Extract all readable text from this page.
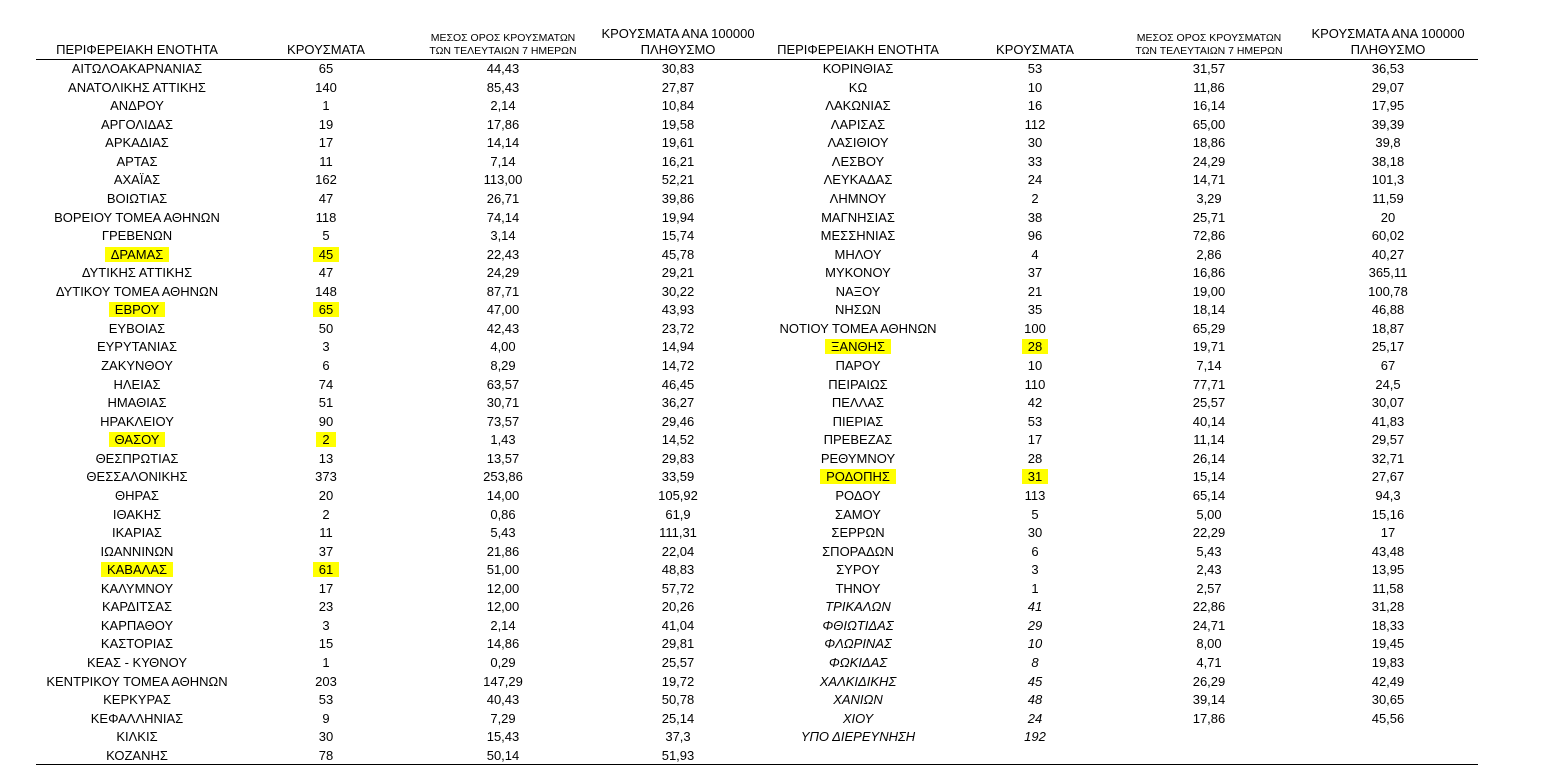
ΠΕΡΙΦΕΡΕΙΑΚΗ ΕΝΟΤΗΤΑ	ΚΡΟΥΣΜΑΤΑ
ΜΕΣΟΣ ΟΡΟΣ ΚΡΟΥΣΜΑΤΩΝ
ΤΩΝ ΤΕΛΕΥΤΑΙΩΝ 7 ΗΜΕΡΩΝ
ΚΡΟΥΣΜΑΤΑ ΑΝΑ 100000
ΠΛΗΘΥΣΜΟ
ΑΙΤΩΛΟΑΚΑΡΝΑΝΙΑΣ	65	44,43	30,83
ΑΝΑΤΟΛΙΚΗΣ ΑΤΤΙΚΗΣ	140	85,43	27,87
ΑΝΔΡΟΥ	1	2,14	10,84
ΑΡΓΟΛΙΔΑΣ	19	17,86	19,58
ΑΡΚΑΔΙΑΣ	17	14,14	19,61
ΑΡΤΑΣ	11	7,14	16,21
ΑΧΑΪΑΣ	162	113,00	52,21
ΒΟΙΩΤΙΑΣ	47	26,71	39,86
ΒΟΡΕΙΟΥ ΤΟΜΕΑ ΑΘΗΝΩΝ	118	74,14	19,94
ΓΡΕΒΕΝΩΝ	5	3,14	15,74
ΔΡΑΜΑΣ	45	22,43	45,78
ΔΥΤΙΚΗΣ ΑΤΤΙΚΗΣ	47	24,29	29,21
ΔΥΤΙΚΟΥ ΤΟΜΕΑ ΑΘΗΝΩΝ	148	87,71	30,22
ΕΒΡΟΥ	65	47,00	43,93
ΕΥΒΟΙΑΣ	50	42,43	23,72
ΕΥΡΥΤΑΝΙΑΣ	3	4,00	14,94
ΖΑΚΥΝΘΟΥ	6	8,29	14,72
ΗΛΕΙΑΣ	74	63,57	46,45
ΗΜΑΘΙΑΣ	51	30,71	36,27
ΗΡΑΚΛΕΙΟΥ	90	73,57	29,46
ΘΑΣΟΥ	2	1,43	14,52
ΘΕΣΠΡΩΤΙΑΣ	13	13,57	29,83
ΘΕΣΣΑΛΟΝΙΚΗΣ	373	253,86	33,59
ΘΗΡΑΣ	20	14,00	105,92
ΙΘΑΚΗΣ	2	0,86	61,9
ΙΚΑΡΙΑΣ	11	5,43	111,31
ΙΩΑΝΝΙΝΩΝ	37	21,86	22,04
ΚΑΒΑΛΑΣ	61	51,00	48,83
ΚΑΛΥΜΝΟΥ	17	12,00	57,72
ΚΑΡΔΙΤΣΑΣ	23	12,00	20,26
ΚΑΡΠΑΘΟΥ	3	2,14	41,04
ΚΑΣΤΟΡΙΑΣ	15	14,86	29,81
ΚΕΑΣ - ΚΥΘΝΟΥ	1	0,29	25,57
ΚΕΝΤΡΙΚΟΥ ΤΟΜΕΑ ΑΘΗΝΩΝ	203	147,29	19,72
ΚΕΡΚΥΡΑΣ	53	40,43	50,78
ΚΕΦΑΛΛΗΝΙΑΣ	9	7,29	25,14
ΚΙΛΚΙΣ	30	15,43	37,3
ΚΟΖΑΝΗΣ	78	50,14	51,93
ΠΕΡΙΦΕΡΕΙΑΚΗ ΕΝΟΤΗΤΑ	ΚΡΟΥΣΜΑΤΑ
ΜΕΣΟΣ ΟΡΟΣ ΚΡΟΥΣΜΑΤΩΝ
ΤΩΝ ΤΕΛΕΥΤΑΙΩΝ 7 ΗΜΕΡΩΝ
ΚΡΟΥΣΜΑΤΑ ΑΝΑ 100000
ΠΛΗΘΥΣΜΟ
ΚΟΡΙΝΘΙΑΣ	53	31,57	36,53
ΚΩ	10	11,86	29,07
ΛΑΚΩΝΙΑΣ	16	16,14	17,95
ΛΑΡΙΣΑΣ	112	65,00	39,39
ΛΑΣΙΘΙΟΥ	30	18,86	39,8
ΛΕΣΒΟΥ	33	24,29	38,18
ΛΕΥΚΑΔΑΣ	24	14,71	101,3
ΛΗΜΝΟΥ	2	3,29	11,59
ΜΑΓΝΗΣΙΑΣ	38	25,71	20
ΜΕΣΣΗΝΙΑΣ	96	72,86	60,02
ΜΗΛΟΥ	4	2,86	40,27
ΜΥΚΟΝΟΥ	37	16,86	365,11
ΝΑΞΟΥ	21	19,00	100,78
ΝΗΣΩΝ	35	18,14	46,88
ΝΟΤΙΟΥ ΤΟΜΕΑ ΑΘΗΝΩΝ	100	65,29	18,87
ΞΑΝΘΗΣ	28	19,71	25,17
ΠΑΡΟΥ	10	7,14	67
ΠΕΙΡΑΙΩΣ	110	77,71	24,5
ΠΕΛΛΑΣ	42	25,57	30,07
ΠΙΕΡΙΑΣ	53	40,14	41,83
ΠΡΕΒΕΖΑΣ	17	11,14	29,57
ΡΕΘΥΜΝΟΥ	28	26,14	32,71
ΡΟΔΟΠΗΣ	31	15,14	27,67
ΡΟΔΟΥ	113	65,14	94,3
ΣΑΜΟΥ	5	5,00	15,16
ΣΕΡΡΩΝ	30	22,29	17
ΣΠΟΡΑΔΩΝ	6	5,43	43,48
ΣΥΡΟΥ	3	2,43	13,95
ΤΗΝΟΥ	1	2,57	11,58
ΤΡΙΚΑΛΩΝ	41	22,86	31,28
ΦΘΙΩΤΙΔΑΣ	29	24,71	18,33
ΦΛΩΡΙΝΑΣ	10	8,00	19,45
ΦΩΚΙΔΑΣ	8	4,71	19,83
ΧΑΛΚΙΔΙΚΗΣ	45	26,29	42,49
ΧΑΝΙΩΝ	48	39,14	30,65
ΧΙΟΥ	24	17,86	45,56
ΥΠΟ ΔΙΕΡΕΥΝΗΣΗ	192
